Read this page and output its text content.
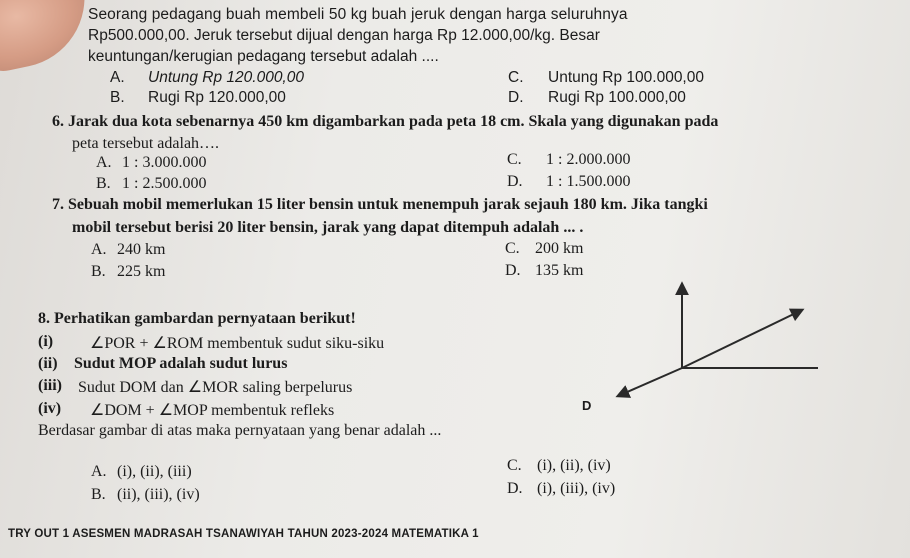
Seorang pedagang buah membeli 50 kg buah jeruk dengan harga seluruhnya
Rp500.000,00. Jeruk tersebut dijual dengan harga Rp 12.000,00/kg. Besar
keuntungan/kerugian pedagang tersebut adalah ....
A. Untung Rp 120.000,00
B. Rugi Rp 120.000,00
C. Untung Rp 100.000,00
D. Rugi Rp 100.000,00
6. Jarak dua kota sebenarnya 450 km digambarkan pada peta 18 cm. Skala yang digunakan pada
peta tersebut adalah….
A. 1 : 3.000.000
B. 1 : 2.500.000
C. 1 : 2.000.000
D. 1 : 1.500.000
7. Sebuah mobil memerlukan 15 liter bensin untuk menempuh jarak sejauh 180 km. Jika tangki
mobil tersebut berisi 20 liter bensin, jarak yang dapat ditempuh adalah ... .
A. 240 km
B. 225 km
C. 200 km
D. 135 km
8. Perhatikan gambardan pernyataan berikut!
(i) ∠POR + ∠ROM membentuk sudut siku-siku
(ii) Sudut MOP adalah sudut lurus
(iii) Sudut DOM dan ∠MOR saling berpelurus
(iv) ∠DOM + ∠MOP membentuk refleks
Berdasar gambar di atas maka pernyataan yang benar adalah ...
D
A. (i), (ii), (iii)
B. (ii), (iii), (iv)
C. (i), (ii), (iv)
D. (i), (iii), (iv)
TRY OUT 1 ASESMEN MADRASAH TSANAWIYAH TAHUN 2023-2024 MATEMATIKA 1
